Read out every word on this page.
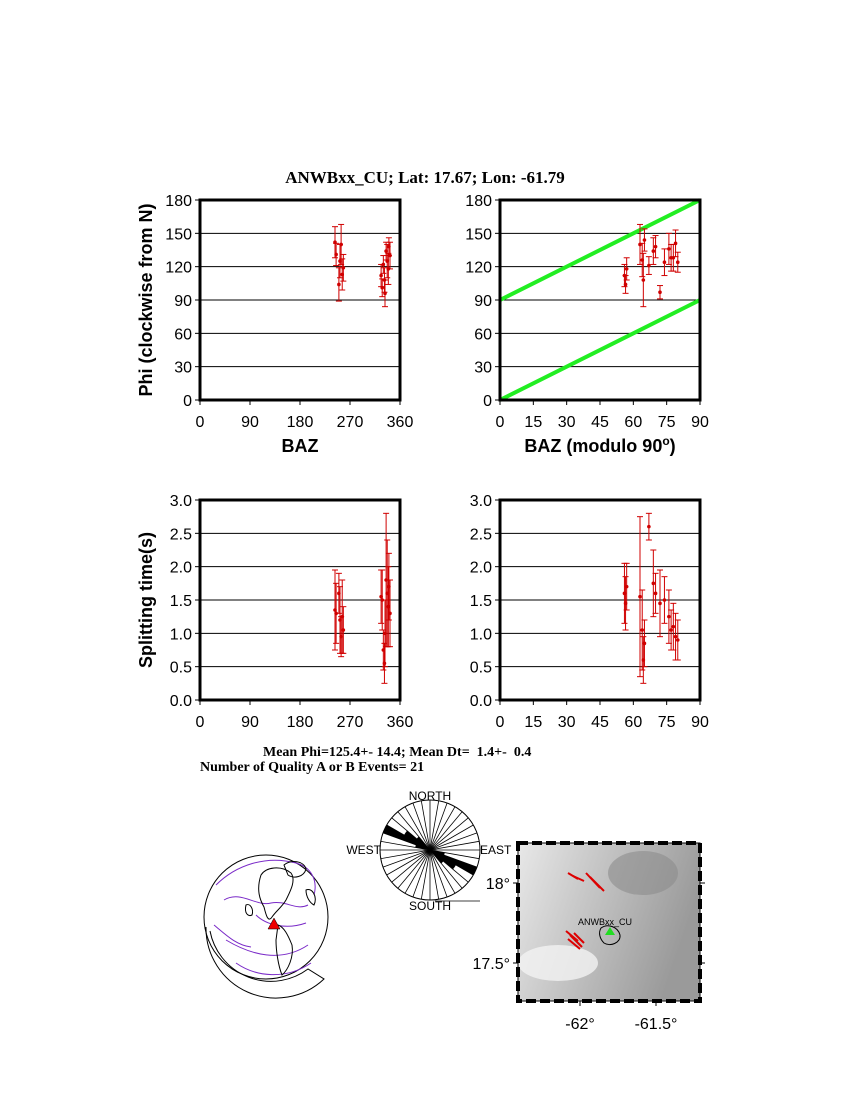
ANWBxx_CU; Lat: 17.67; Lon: -61.79
0
30
60
90
120
150
180
0 90 180 270 360
BAZ
Phi (clockwise from N)
0
30
60
90
120
150
180
0 15 30 45 60 75 90
BAZ (modulo 90$^o$)
0.0
0.5
1.0
1.5
2.0
2.5
3.0
0 90 180 270 360
Splitting time(s)
0.0
0.5
1.0
1.5
2.0
2.5
3.0
0 15 30 45 60 75 90
Mean Phi=125.4+- 14.4; Mean Dt=  1.4+-  0.4
Number of Quality A or B Events= 21
NORTH
SOUTH
WEST	EAST
ANWBxx_CU
18°
17.5°
-62° -61.5°
